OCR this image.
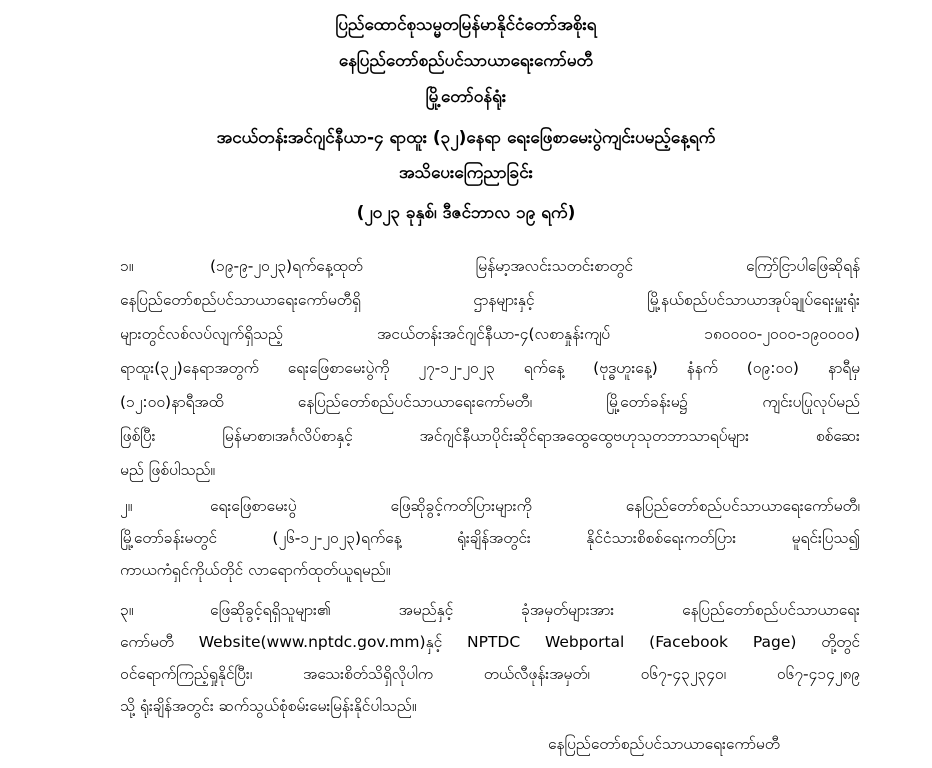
ပြည်ထောင်စုသမ္မတမြန်မာနိုင်ငံတော်အစိုးရ
နေပြည်တော်စည်ပင်သာယာရေးကော်မတီ
မြို့တော်ဝန်ရုံး
အငယ်တန်းအင်ဂျင်နီယာ-၄ ရာထူး (၃၂)နေရာ ရေးဖြေစာမေးပွဲကျင်းပမည့်နေ့ရက်
အသိပေးကြေညာခြင်း
(၂၀၂၃ ခုနှစ်၊ ဒီဇင်ဘာလ ၁၉ ရက်)
၁။	(၁၉-၉-၂၀၂၃)ရက်နေ့ထုတ် မြန်မာ့အလင်းသတင်းစာတွင် ကြော်ငြာပါဖြေဆိုရန်
နေပြည်တော်စည်ပင်သာယာရေးကော်မတီရှိ ဌာနများနှင့် မြို့နယ်စည်ပင်သာယာအုပ်ချုပ်ရေးမှူးရုံး
များတွင်လစ်လပ်လျက်ရှိသည့် အငယ်တန်းအင်ဂျင်နီယာ-၄(လစာနှုန်းကျပ် ၁၈၀၀၀၀-၂၀၀၀-၁၉၀၀၀၀)
ရာထူး(၃၂)နေရာအတွက် ရေးဖြေစာမေးပွဲကို ၂၇-၁၂-၂၀၂၃ ရက်နေ့ (ဗုဒ္ဓဟူးနေ့) နံနက် (၀၉:၀၀) နာရီမှ
(၁၂:၀၀)နာရီအထိ နေပြည်တော်စည်ပင်သာယာရေးကော်မတီ၊ မြို့တော်ခန်းမ၌ ကျင်းပပြုလုပ်မည်
ဖြစ်ပြီး မြန်မာစာ၊အင်္ဂလိပ်စာနှင့် အင်ဂျင်နီယာပိုင်းဆိုင်ရာအထွေထွေဗဟုသုတဘာသာရပ်များ စစ်ဆေး
မည် ဖြစ်ပါသည်။
၂။	ရေးဖြေစာမေးပွဲ ဖြေဆိုခွင့်ကတ်ပြားများကို နေပြည်တော်စည်ပင်သာယာရေးကော်မတီ၊
မြို့တော်ခန်းမတွင် (၂၆-၁၂-၂၀၂၃)ရက်နေ့ ရုံးချိန်အတွင်း နိုင်ငံသားစိစစ်ရေးကတ်ပြား မူရင်းပြသ၍
ကာယကံရှင်ကိုယ်တိုင် လာရောက်ထုတ်ယူရမည်။
၃။	ဖြေဆိုခွင့်ရရှိသူများ၏ အမည်နှင့် ခုံအမှတ်များအား နေပြည်တော်စည်ပင်သာယာရေး
ကော်မတီ Website(www.nptdc.gov.mm)နှင့် NPTDC Webportal (Facebook Page) တို့တွင်
ဝင်ရောက်ကြည့်ရှုနိုင်ပြီး၊ အသေးစိတ်သိရှိလိုပါက တယ်လီဖုန်းအမှတ်၊ ၀၆၇-၄၃၂၃၄၀၊ ၀၆၇-၄၁၄၂၈၉
သို့ ရုံးချိန်အတွင်း ဆက်သွယ်စုံစမ်းမေးမြန်းနိုင်ပါသည်။
နေပြည်တော်စည်ပင်သာယာရေးကော်မတီ
